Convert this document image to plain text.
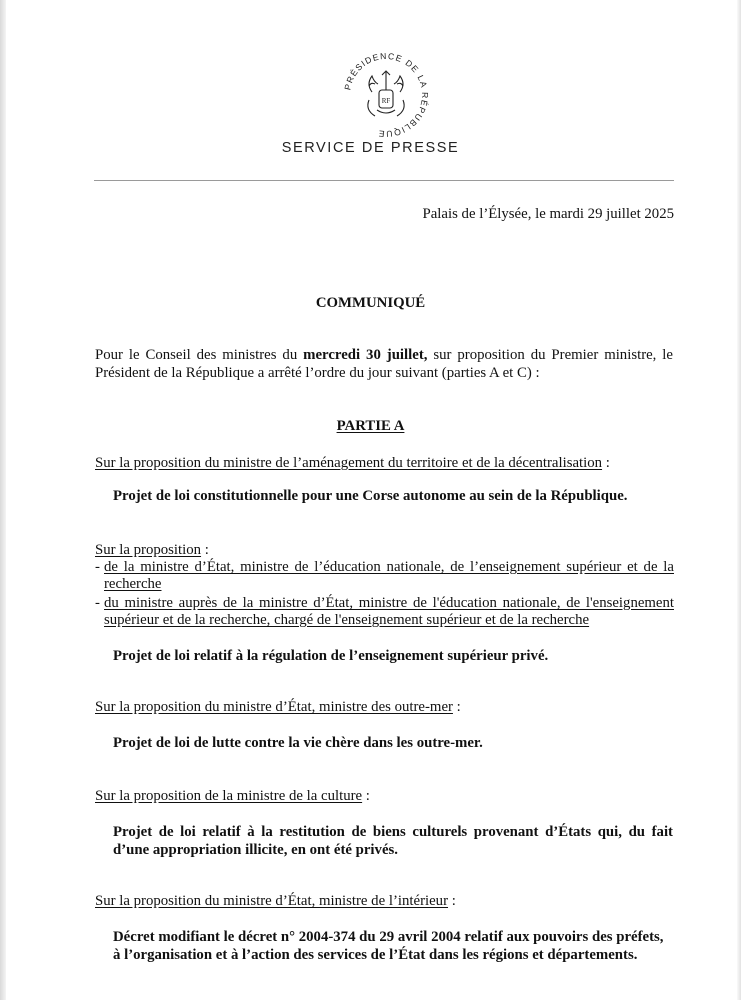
PRÉSIDENCE DE LA RÉPUBLIQUE
RF
SERVICE DE PRESSE
Palais de l’Élysée, le mardi 29 juillet 2025
COMMUNIQUÉ
Pour le Conseil des ministres du mercredi 30 juillet, sur proposition du Premier ministre, le
Président de la République a arrêté l’ordre du jour suivant (parties A et C) :
PARTIE A
Sur la proposition du ministre de l’aménagement du territoire et de la décentralisation :
Projet de loi constitutionnelle pour une Corse autonome au sein de la République.
Sur la proposition :
- de la ministre d’État, ministre de l’éducation nationale, de l’enseignement supérieur et de la
recherche
- du ministre auprès de la ministre d’État, ministre de l'éducation nationale, de l'enseignement
supérieur et de la recherche, chargé de l'enseignement supérieur et de la recherche
Projet de loi relatif à la régulation de l’enseignement supérieur privé.
Sur la proposition du ministre d’État, ministre des outre-mer :
Projet de loi de lutte contre la vie chère dans les outre-mer.
Sur la proposition de la ministre de la culture :
Projet de loi relatif à la restitution de biens culturels provenant d’États qui, du fait
d’une appropriation illicite, en ont été privés.
Sur la proposition du ministre d’État, ministre de l’intérieur :
Décret modifiant le décret n° 2004-374 du 29 avril 2004 relatif aux pouvoirs des préfets,
à l’organisation et à l’action des services de l’État dans les régions et départements.
